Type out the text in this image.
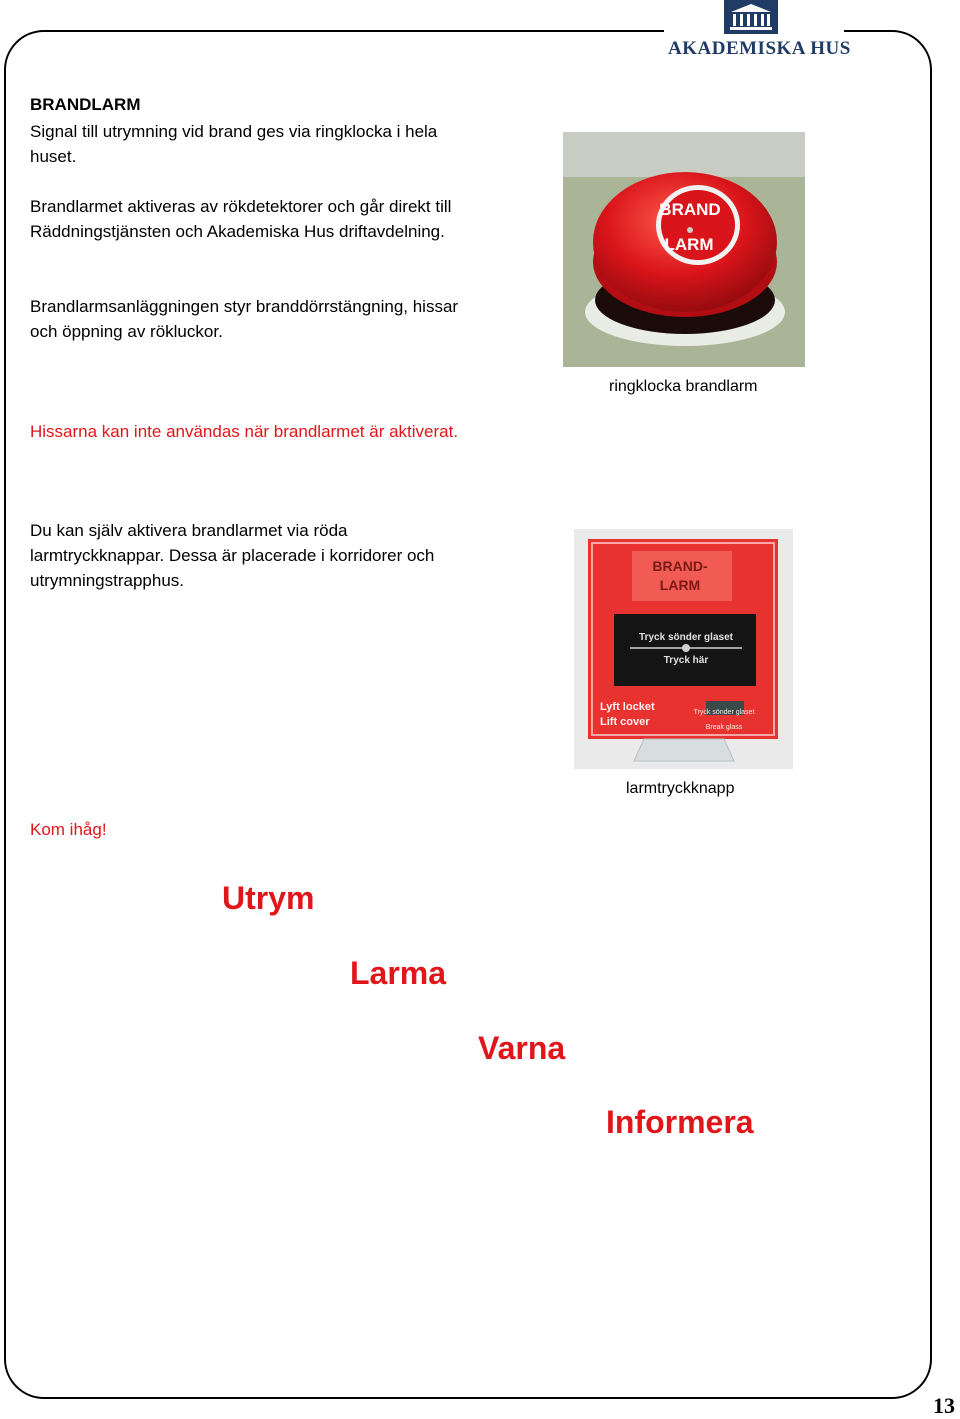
AKADEMISKA HUS
BRANDLARM
Signal till utrymning vid brand ges via ringklocka i hela huset.
Brandlarmet aktiveras av rökdetektorer och går direkt till Räddningstjänsten och Akademiska Hus driftavdelning.
Brandlarmsanläggningen styr branddörrstängning, hissar och öppning av rökluckor.
Hissarna kan inte användas när brandlarmet är aktiverat.
Du kan själv aktivera brandlarmet via röda larmtryckknappar. Dessa är placerade i korridorer och utrymningstrapphus.
BRAND
LARM
ringklocka brandlarm
BRAND-
LARM
Tryck sönder glaset
Tryck här
Lyft locket
Lift cover
Tryck sönder glaset
Break glass
larmtryckknapp
Kom ihåg!
Utrym
Larma
Varna
Informera
13
